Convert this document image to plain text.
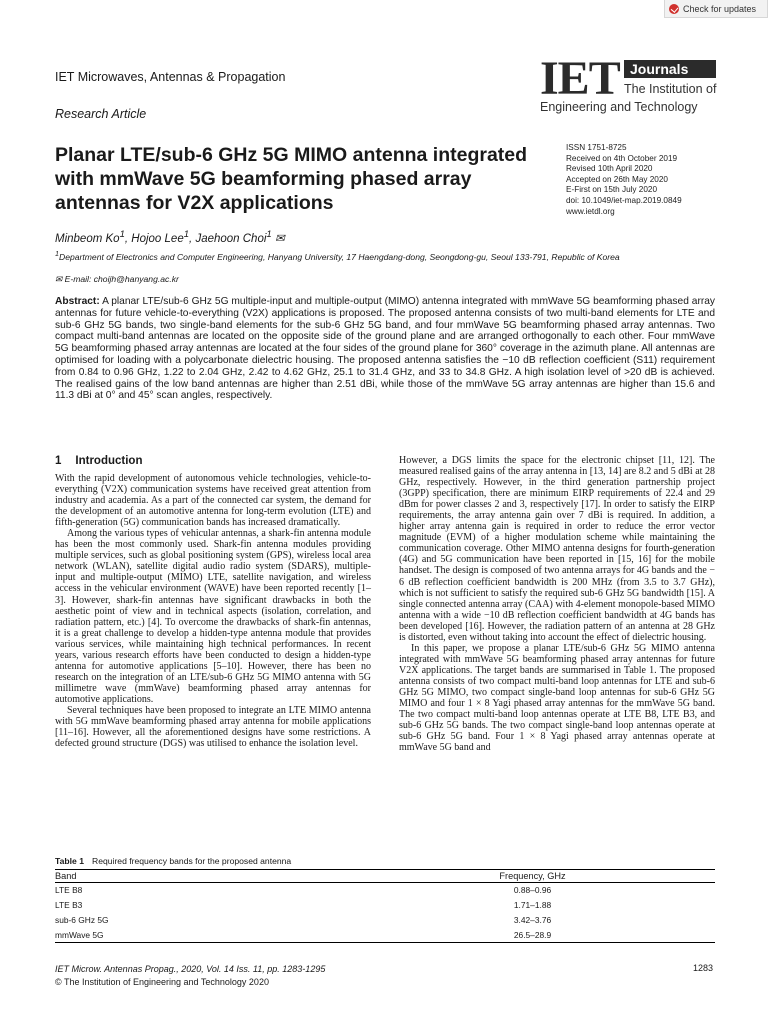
Check for updates
IET Microwaves, Antennas & Propagation
Research Article
IET Journals
The Institution of
Engineering and Technology
Planar LTE/sub-6 GHz 5G MIMO antenna integrated with mmWave 5G beamforming phased array antennas for V2X applications
ISSN 1751-8725
Received on 4th October 2019
Revised 10th April 2020
Accepted on 26th May 2020
E-First on 15th July 2020
doi: 10.1049/iet-map.2019.0849
www.ietdl.org
Minbeom Ko$^1$, Hojoo Lee$^1$, Jaehoon Choi$^1$ ✉
$^1$Department of Electronics and Computer Engineering, Hanyang University, 17 Haengdang-dong, Seongdong-gu, Seoul 133-791, Republic of Korea
✉ E-mail: choijh@hanyang.ac.kr
Abstract: A planar LTE/sub-6 GHz 5G multiple-input and multiple-output (MIMO) antenna integrated with mmWave 5G beamforming phased array antennas for future vehicle-to-everything (V2X) applications is proposed. The proposed antenna consists of two multi-band elements for LTE and sub-6 GHz 5G bands, two single-band elements for the sub-6 GHz 5G band, and four mmWave 5G beamforming phased array antennas. Two compact multi-band antennas are located on the opposite side of the ground plane and are arranged orthogonally to each other. Four mmWave 5G beamforming phased array antennas are located at the four sides of the ground plane for 360° coverage in the azimuth plane. All antennas are optimised for loading with a polycarbonate dielectric housing. The proposed antenna satisfies the −10 dB reflection coefficient (S11) requirement from 0.84 to 0.96 GHz, 1.22 to 2.04 GHz, 2.42 to 4.62 GHz, 25.1 to 31.4 GHz, and 33 to 34.8 GHz. A high isolation level of >20 dB is achieved. The realised gains of the low band antennas are higher than 2.51 dBi, while those of the mmWave 5G array antennas are higher than 15.6 and 11.3 dBi at 0° and 45° scan angles, respectively.
1 Introduction

With the rapid development of autonomous vehicle technologies, vehicle-to-everything (V2X) communication systems have received great attention from industry and academia. As a part of the connected car system, the demand for the development of an automotive antenna for long-term evolution (LTE) and fifth-generation (5G) communication bands has increased dramatically.

Among the various types of vehicular antennas, a shark-fin antenna module has been the most commonly used. Shark-fin antenna modules providing multiple services, such as global positioning system (GPS), wireless local area network (WLAN), satellite digital audio radio system (SDARS), multiple-input and multiple-output (MIMO) LTE, satellite navigation, and wireless access in the vehicular environment (WAVE) have been reported recently [1–3]. However, shark-fin antennas have significant drawbacks in both the aesthetic point of view and in technical aspects (isolation, correlation, and radiation pattern, etc.) [4]. To overcome the drawbacks of shark-fin antennas, it is a great challenge to develop a hidden-type antenna module that provides various services, while maintaining high technical performances. In recent years, various research efforts have been conducted to design a hidden-type antenna for automotive applications [5–10]. However, there has been no research on the integration of an LTE/sub-6 GHz 5G MIMO antenna with 5G millimetre wave (mmWave) beamforming phased array antennas for automotive applications.

Several techniques have been proposed to integrate an LTE MIMO antenna with 5G mmWave beamforming phased array antenna for mobile applications [11–16]. However, all the aforementioned designs have some restrictions. A defected ground structure (DGS) was utilised to enhance the isolation level.

However, a DGS limits the space for the electronic chipset [11, 12]. The measured realised gains of the array antenna in [13, 14] are 8.2 and 5 dBi at 28 GHz, respectively. However, in the third generation partnership project (3GPP) specification, there are minimum EIRP requirements of 22.4 and 29 dBm for power classes 2 and 3, respectively [17]. In order to satisfy the EIRP requirements, the array antenna gain over 7 dBi is required. In addition, a higher array antenna gain is required in order to reduce the error vector magnitude (EVM) of a higher modulation scheme while maintaining the communication coverage. Other MIMO antenna designs for fourth-generation (4G) and 5G communication have been reported in [15, 16] for the mobile handset. The design is composed of two antenna arrays for 4G bands and the − 6 dB reflection coefficient bandwidth is 200 MHz (from 3.5 to 3.7 GHz), which is not sufficient to satisfy the required sub-6 GHz 5G bandwidth [15]. A single connected antenna array (CAA) with 4-element monopole-based MIMO antenna with a wide −10 dB reflection coefficient bandwidth at 4G bands has been developed [16]. However, the radiation pattern of an antenna at 28 GHz is distorted, even without taking into account the effect of dielectric housing.

In this paper, we propose a planar LTE/sub-6 GHz 5G MIMO antenna integrated with mmWave 5G beamforming phased array antennas for future V2X applications. The target bands are summarised in Table 1. The proposed antenna consists of two compact multi-band loop antennas for LTE and sub-6 GHz 5G MIMO, two compact single-band loop antennas for sub-6 GHz 5G MIMO and four 1 × 8 Yagi phased array antennas for the mmWave 5G band. The two compact multi-band loop antennas operate at LTE B8, LTE B3, and sub-6 GHz 5G bands. The two compact single-band loop antennas operate at sub-6 GHz 5G band. Four 1 × 8 Yagi phased array antennas operate at mmWave 5G band and

Table 1 Required frequency bands for the proposed antenna
Band	Frequency, GHz
LTE B8	0.88–0.96
LTE B3	1.71–1.88
sub-6 GHz 5G	3.42–3.76
mmWave 5G	26.5–28.9
IET Microw. Antennas Propag., 2020, Vol. 14 Iss. 11, pp. 1283-1295
© The Institution of Engineering and Technology 2020
1283
